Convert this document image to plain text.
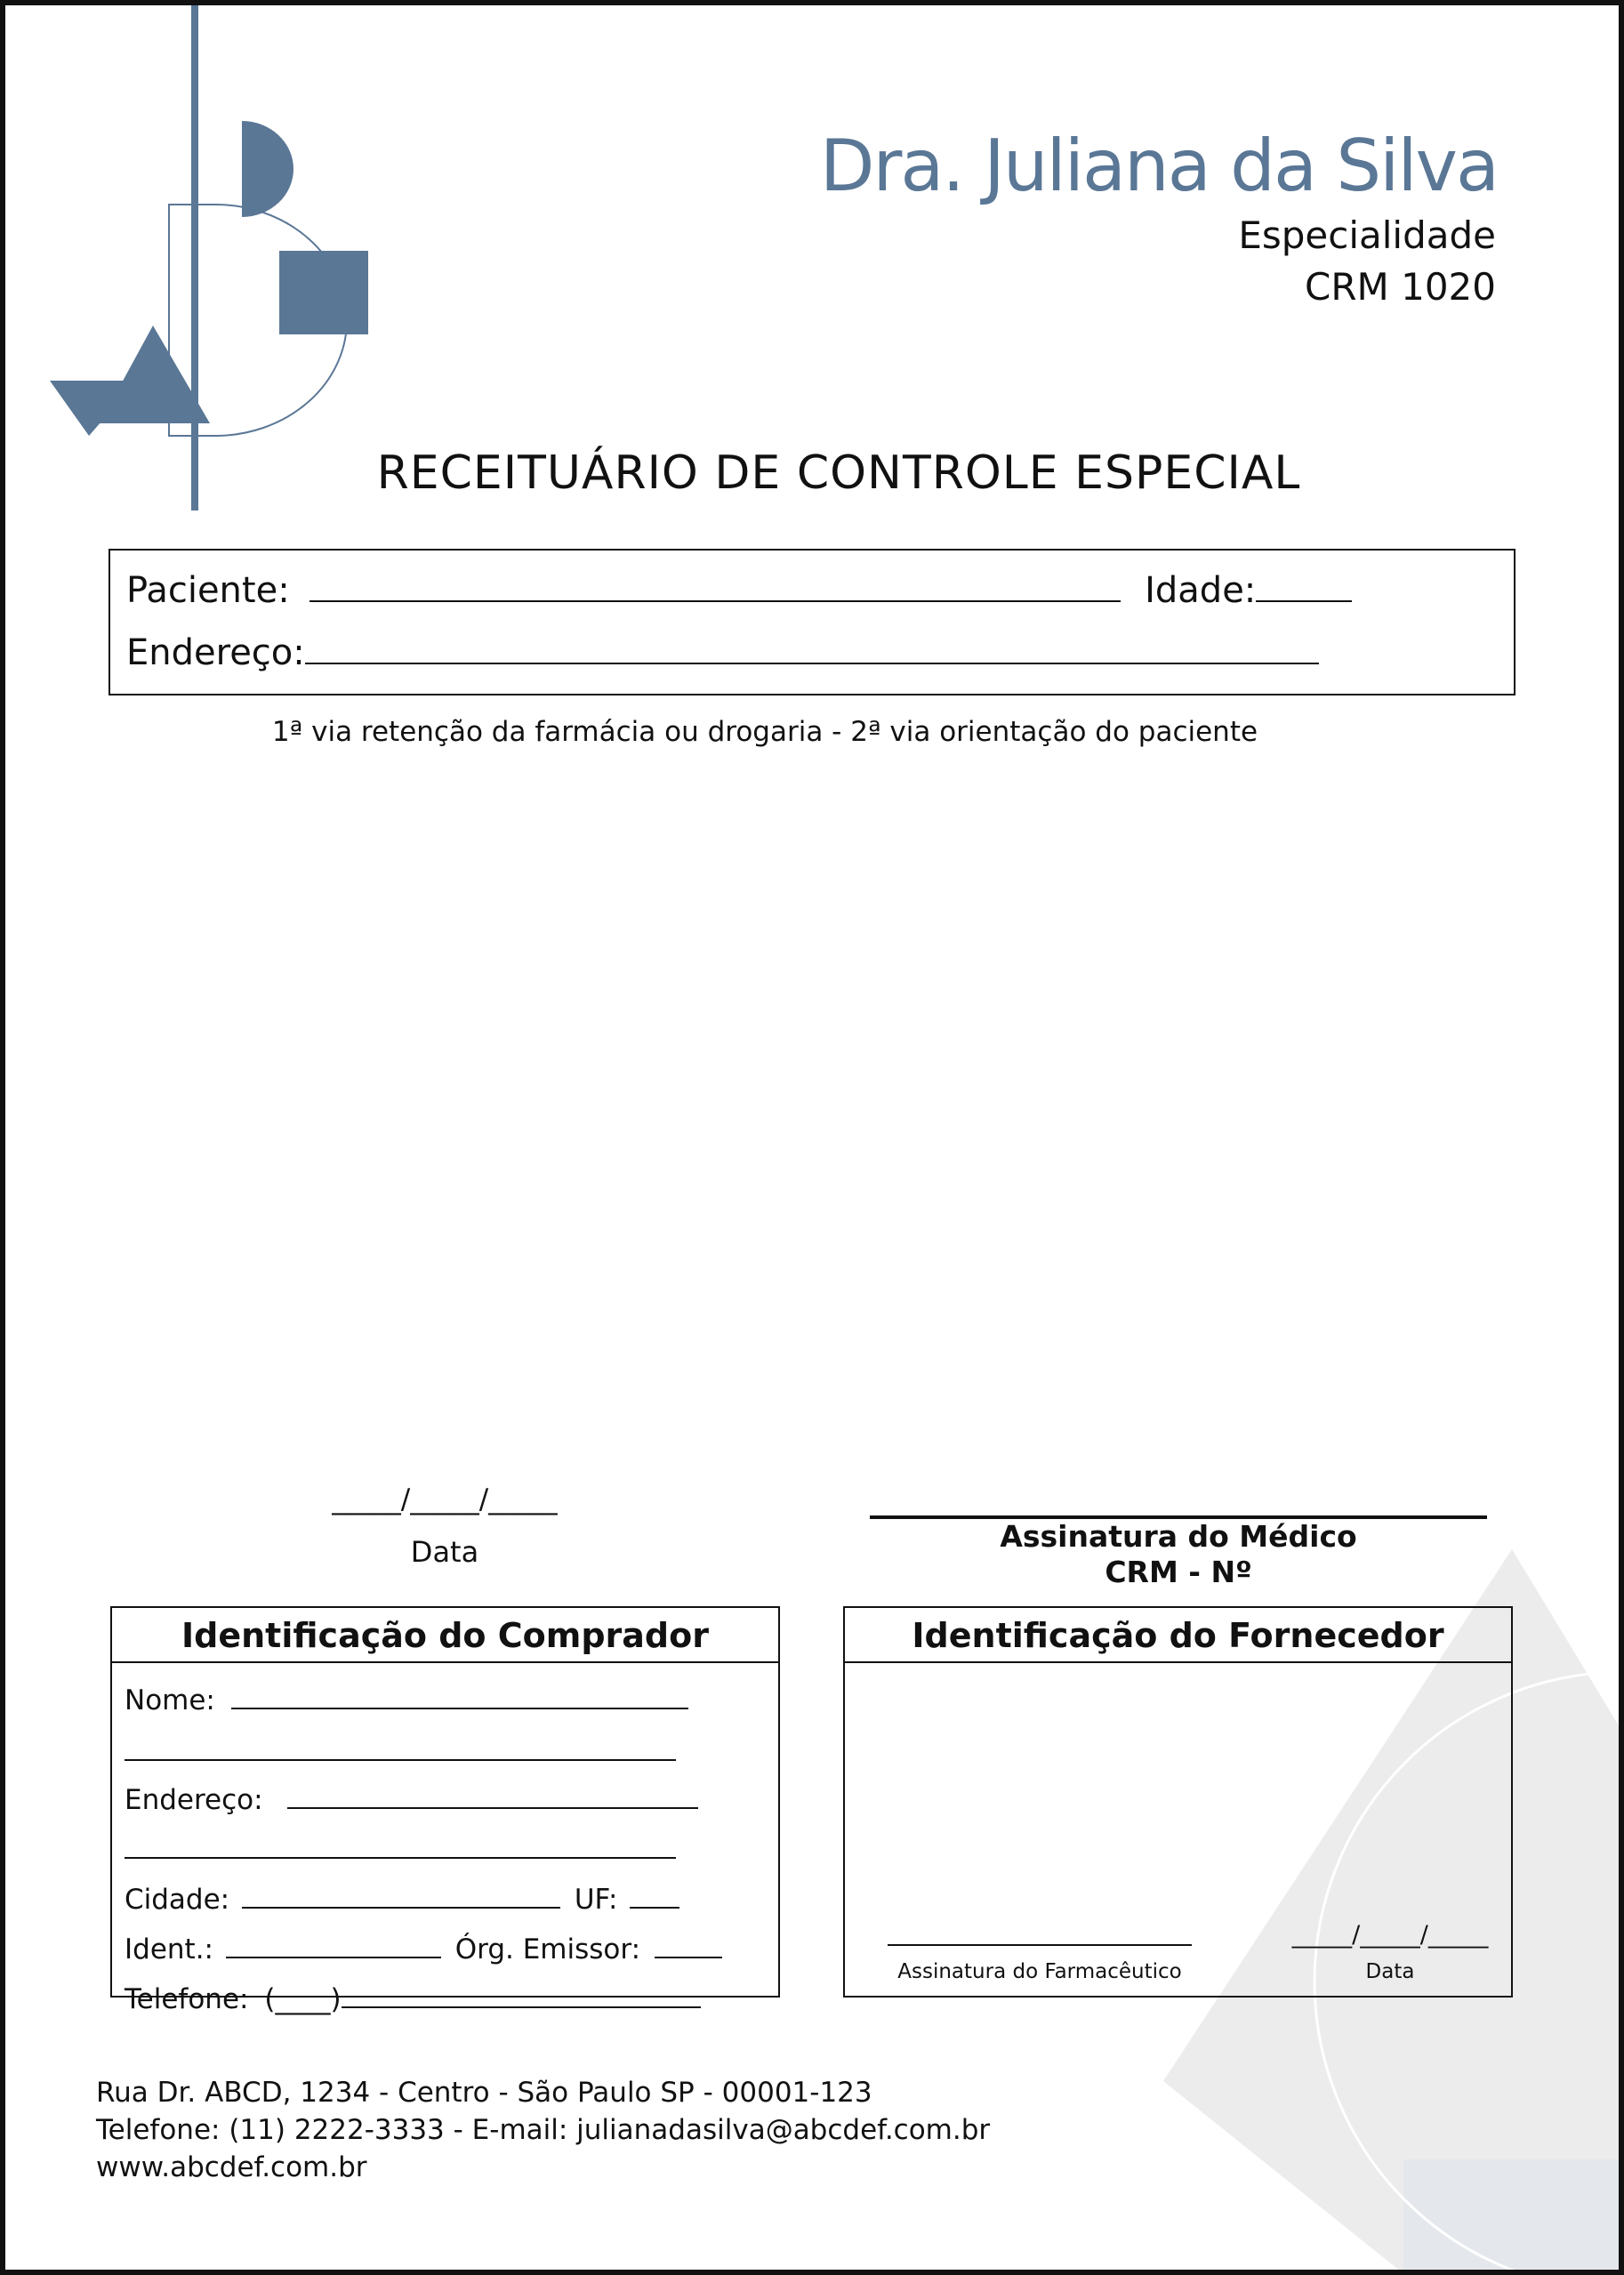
Dra. Juliana da Silva
Especialidade
CRM 1020
RECEITUÁRIO DE CONTROLE ESPECIAL
Paciente:	Idade:
Endereço:
1ª via retenção da farmácia ou drogaria - 2ª via orientação do paciente
_____/_____/_____
Data	Assinatura do Médico
CRM - Nº
Identificação do Comprador
Nome:
Endereço:
Cidade:	UF:
Ident.:	Órg. Emissor:
Telefone: (____)
Identificação do Fornecedor
Assinatura do Farmacêutico
_____/_____/_____
Data
Rua Dr. ABCD, 1234 - Centro - São Paulo SP - 00001-123
Telefone: (11) 2222-3333 - E-mail: julianadasilva@abcdef.com.br
www.abcdef.com.br
